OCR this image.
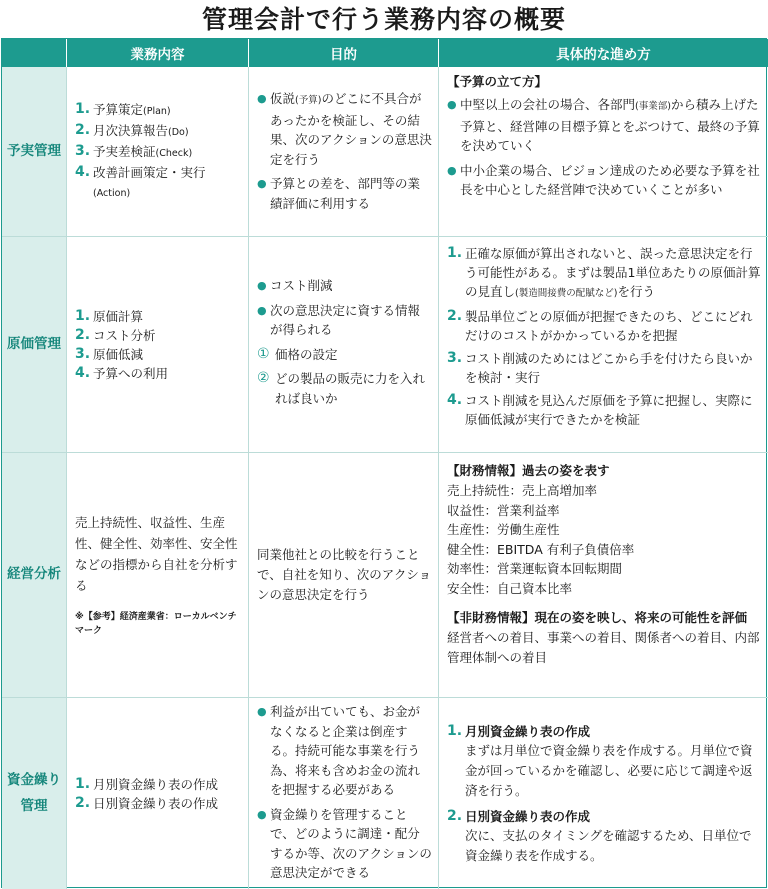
管理会計で行う業務内容の概要
業務内容	目的	具体的な進め方
予実管理
1. 予算策定(Plan)
2. 月次決算報告(Do)
3. 予実差検証(Check)
4. 改善計画策定・実行
(Action)
● 仮説(予算)のどこに不具合があったかを検証し、その結果、次のアクションの意思決定を行う
● 予算との差を、部門等の業績評価に利用する
【予算の立て方】
● 中堅以上の会社の場合、各部門(事業部)から積み上げた予算と、経営陣の目標予算とをぶつけて、最終の予算を決めていく
● 中小企業の場合、ビジョン達成のため必要な予算を社長を中心とした経営陣で決めていくことが多い
原価管理
1. 原価計算
2. コスト分析
3. 原価低減
4. 予算への利用
● コスト削減
● 次の意思決定に資する情報が得られる
① 価格の設定
② どの製品の販売に力を入れれば良いか
1. 正確な原価が算出されないと、誤った意思決定を行う可能性がある。まずは製品1単位あたりの原価計算の見直し(製造間接費の配賦など)を行う
2. 製品単位ごとの原価が把握できたのち、どこにどれだけのコストがかかっているかを把握
3. コスト削減のためにはどこから手を付けたら良いかを検討・実行
4. コスト削減を見込んだ原価を予算に把握し、実際に原価低減が実行できたかを検証
経営分析
売上持続性、収益性、生産性、健全性、効率性、安全性などの指標から自社を分析する
※【参考】経済産業省：ローカルベンチマーク
同業他社との比較を行うことで、自社を知り、次のアクションの意思決定を行う
【財務情報】過去の姿を表す
売上持続性：売上高増加率
収益性：営業利益率
生産性：労働生産性
健全性：EBITDA 有利子負債倍率
効率性：営業運転資本回転期間
安全性：自己資本比率
【非財務情報】現在の姿を映し、将来の可能性を評価
経営者への着目、事業への着目、関係者への着目、内部管理体制への着目
資金繰り
管理
1. 月別資金繰り表の作成
2. 日別資金繰り表の作成
● 利益が出ていても、お金がなくなると企業は倒産する。持続可能な事業を行う為、将来も含めお金の流れを把握する必要がある
● 資金繰りを管理することで、どのように調達・配分するか等、次のアクションの意思決定ができる
1. 月別資金繰り表の作成
まずは月単位で資金繰り表を作成する。月単位で資金が回っているかを確認し、必要に応じて調達や返済を行う。
2. 日別資金繰り表の作成
次に、支払のタイミングを確認するため、日単位で資金繰り表を作成する。
